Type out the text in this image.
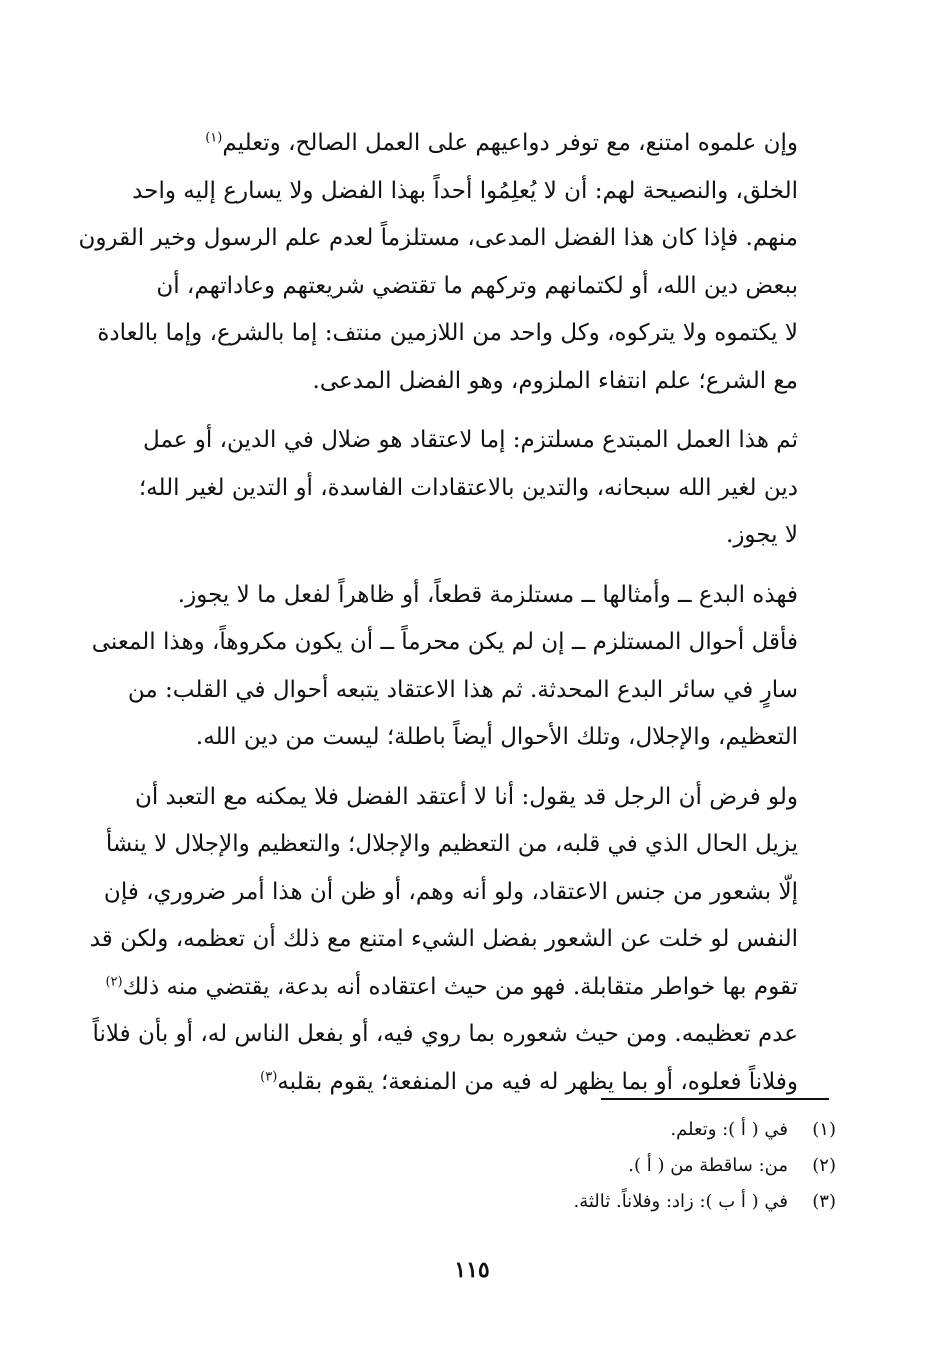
وإن علموه امتنع، مع توفر دواعيهم على العمل الصالح، وتعليم$^{(١)}$
الخلق، والنصيحة لهم: أن لا يُعلِمُوا أحداً بهذا الفضل ولا يسارع إليه واحد
منهم. فإذا كان هذا الفضل المدعى، مستلزماً لعدم علم الرسول وخير القرون
ببعض دين الله، أو لكتمانهم وتركهم ما تقتضي شريعتهم وعاداتهم، أن
لا يكتموه ولا يتركوه، وكل واحد من اللازمين منتف: إما بالشرع، وإما بالعادة
مع الشرع؛ علم انتفاء الملزوم، وهو الفضل المدعى.
ثم هذا العمل المبتدع مسلتزم: إما لاعتقاد هو ضلال في الدين، أو عمل
دين لغير الله سبحانه، والتدين بالاعتقادات الفاسدة، أو التدين لغير الله؛
لا يجوز.
فهذه البدع ــ وأمثالها ــ مستلزمة قطعاً، أو ظاهراً لفعل ما لا يجوز.
فأقل أحوال المستلزم ــ إن لم يكن محرماً ــ أن يكون مكروهاً، وهذا المعنى
سارٍ في سائر البدع المحدثة. ثم هذا الاعتقاد يتبعه أحوال في القلب: من
التعظيم، والإجلال، وتلك الأحوال أيضاً باطلة؛ ليست من دين الله.
ولو فرض أن الرجل قد يقول: أنا لا أعتقد الفضل فلا يمكنه مع التعبد أن
يزيل الحال الذي في قلبه، من التعظيم والإجلال؛ والتعظيم والإجلال لا ينشأ
إلّا بشعور من جنس الاعتقاد، ولو أنه وهم، أو ظن أن هذا أمر ضروري، فإن
النفس لو خلت عن الشعور بفضل الشيء امتنع مع ذلك أن تعظمه، ولكن قد
تقوم بها خواطر متقابلة. فهو من حيث اعتقاده أنه بدعة، يقتضي منه ذلك$^{(٢)}$
عدم تعظيمه. ومن حيث شعوره بما روي فيه، أو بفعل الناس له، أو بأن فلاناً
وفلاناً فعلوه، أو بما يظهر له فيه من المنفعة؛ يقوم بقلبه$^{(٣)}$
(١)
في ( أ ): وتعلم.
(٢)
من: ساقطة من ( أ ).
(٣)
في ( أ ب ): زاد: وفلاناً. ثالثة.
١١٥
